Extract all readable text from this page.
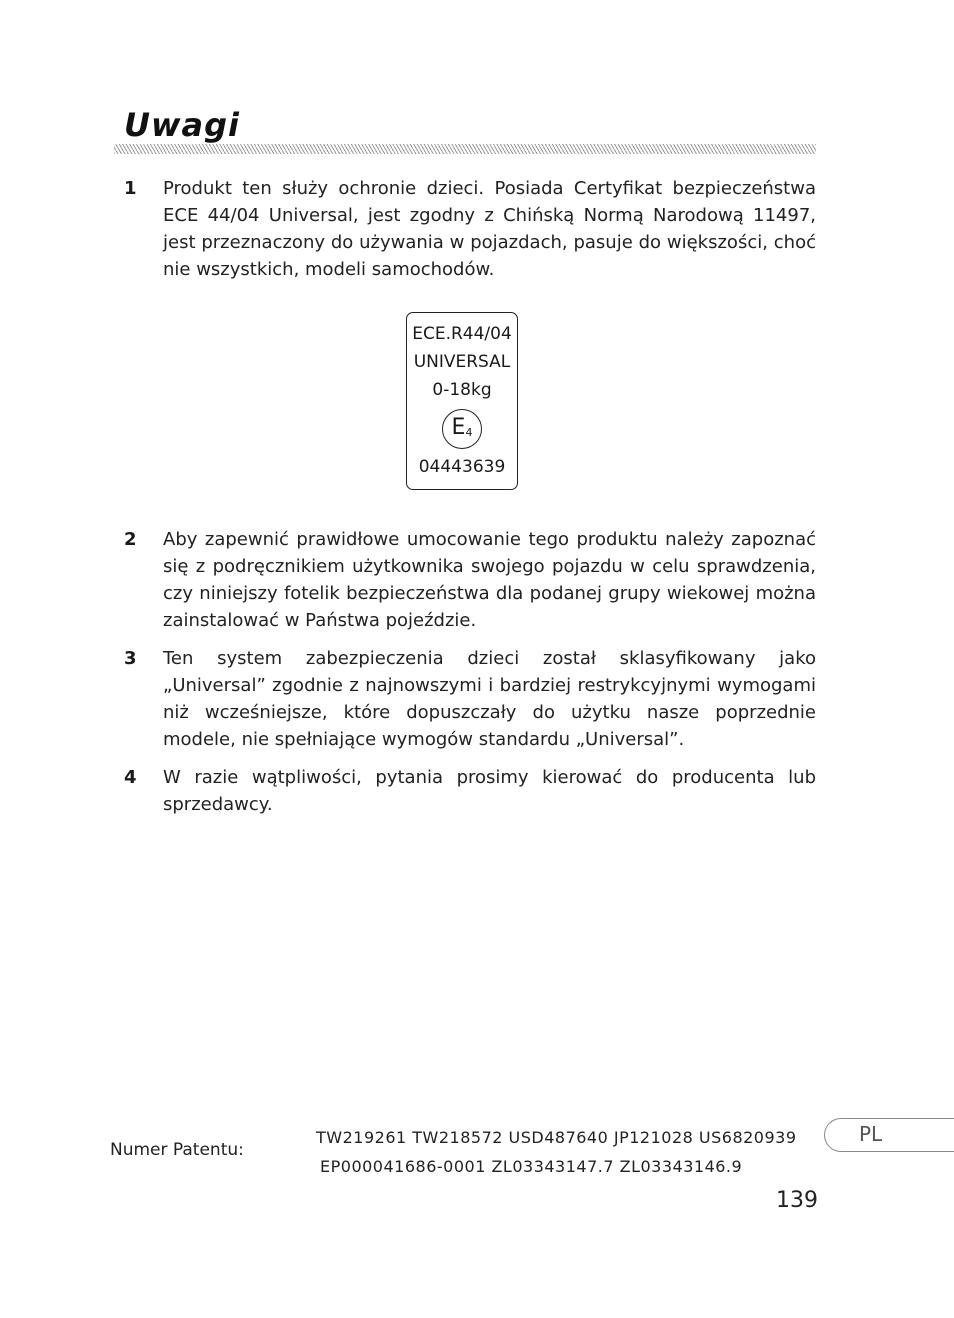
Uwagi
1	Produkt ten służy ochronie dzieci. Posiada Certyfikat bezpieczeństwa ECE 44/04 Universal, jest zgodny z Chińską Normą Narodową 11497, jest przeznaczony do używania w pojazdach, pasuje do większości, choć nie wszystkich, modeli samochodów.
ECE.R44/04
UNIVERSAL
0-18kg
$E_4$
04443639
2	Aby zapewnić prawidłowe umocowanie tego produktu należy zapoznać się z podręcznikiem użytkownika swojego pojazdu w celu sprawdzenia, czy niniejszy fotelik bezpieczeństwa dla podanej grupy wiekowej można zainstalować w Państwa pojeździe.
3	Ten system zabezpieczenia dzieci został sklasyfikowany jako „Universal” zgodnie z najnowszymi i bardziej restrykcyjnymi wymogami niż wcześniejsze, które dopuszczały do użytku nasze poprzednie modele, nie spełniające wymogów standardu „Universal”.
4	W razie wątpliwości, pytania prosimy kierować do producenta lub sprzedawcy.
Numer Patentu:
TW219261 TW218572 USD487640 JP121028 US6820939
EP000041686-0001 ZL03343147.7 ZL03343146.9
PL
139
